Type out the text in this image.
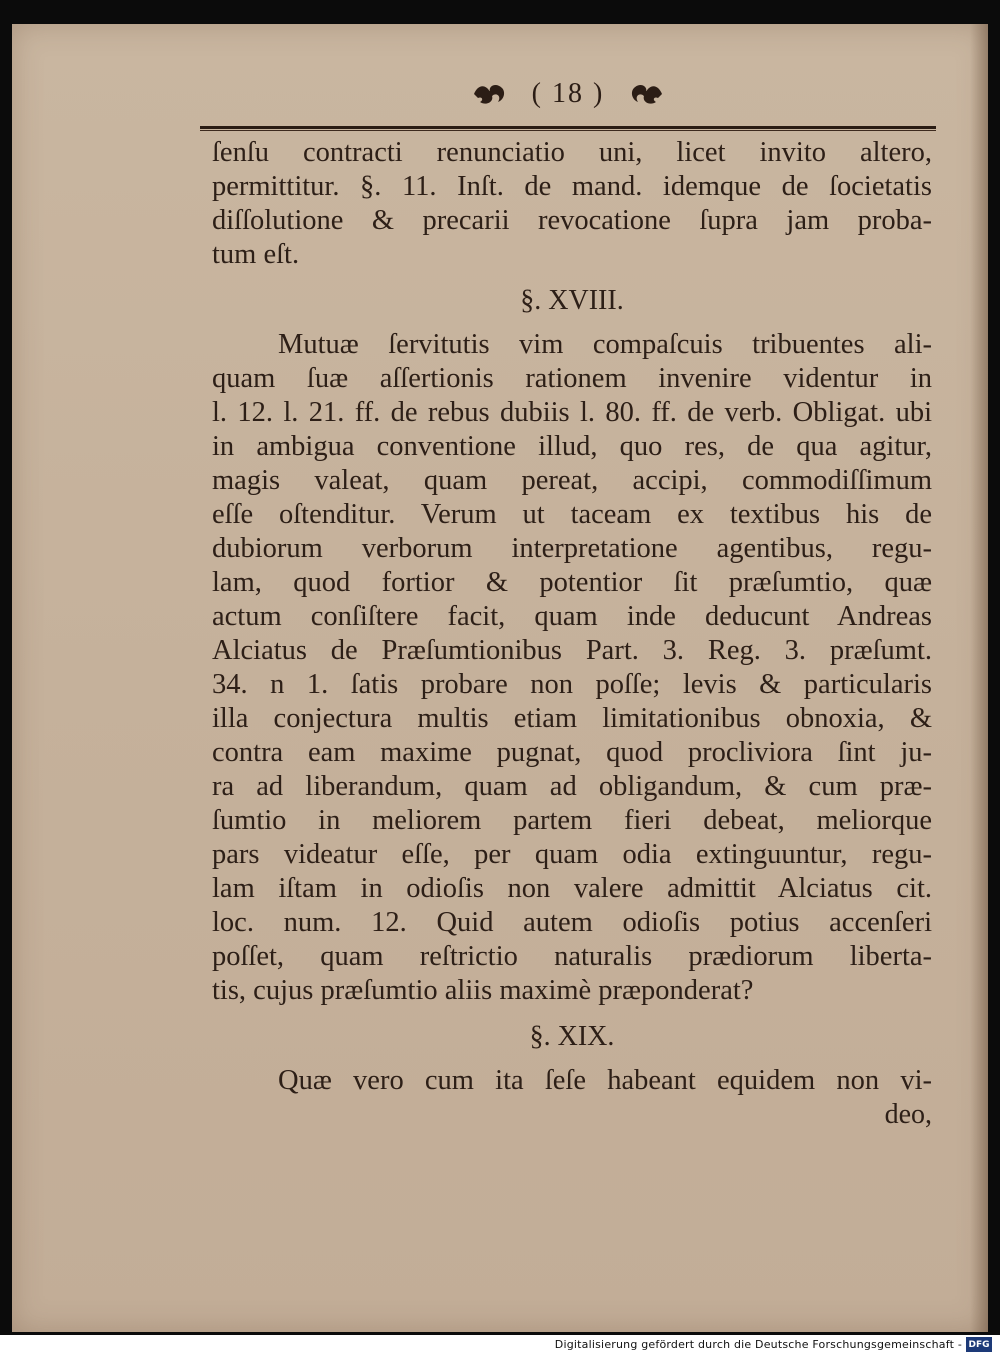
( 18 )
ſenſu contracti renunciatio uni, licet invito altero,
permittitur. §. 11. Inſt. de mand. idemque de ſocietatis
diſſolutione & precarii revocatione ſupra jam proba-
tum eſt.
§. XVIII.
Mutuæ ſervitutis vim compaſcuis tribuentes ali-
quam ſuæ aſſertionis rationem invenire videntur in
l. 12. l. 21. ff. de rebus dubiis l. 80. ff. de verb. Obligat. ubi
in ambigua conventione illud, quo res, de qua agitur,
magis valeat, quam pereat, accipi, commodiſſimum
eſſe oſtenditur. Verum ut taceam ex textibus his de
dubiorum verborum interpretatione agentibus, regu-
lam, quod fortior & potentior ſit præſumtio, quæ
actum conſiſtere facit, quam inde deducunt Andreas
Alciatus de Præſumtionibus Part. 3. Reg. 3. præſumt.
34. n 1. ſatis probare non poſſe; levis & particularis
illa conjectura multis etiam limitationibus obnoxia, &
contra eam maxime pugnat, quod procliviora ſint ju-
ra ad liberandum, quam ad obligandum, & cum præ-
ſumtio in meliorem partem fieri debeat, meliorque
pars videatur eſſe, per quam odia extinguuntur, regu-
lam iſtam in odioſis non valere admittit Alciatus cit.
loc. num. 12. Quid autem odioſis potius accenſeri
poſſet, quam reſtrictio naturalis prædiorum liberta-
tis, cujus præſumtio aliis maximè præponderat?
§. XIX.
Quæ vero cum ita ſeſe habeant equidem non vi-
deo,
Digitalisierung gefördert durch die Deutsche Forschungsgemeinschaft - DFG
